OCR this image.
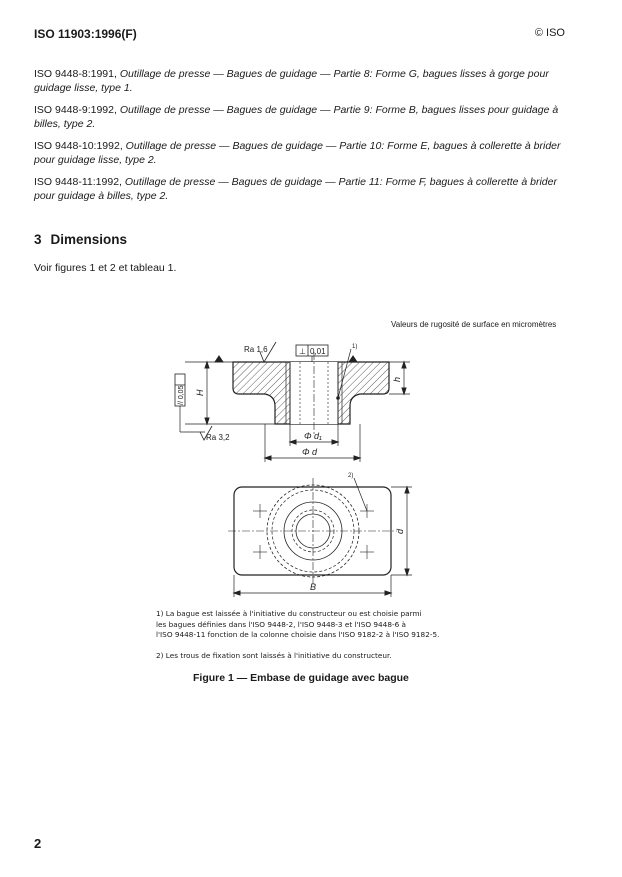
ISO 11903:1996(F)	© ISO
ISO 9448-8:1991, Outillage de presse — Bagues de guidage — Partie 8: Forme G, bagues lisses à gorge pour guidage lisse, type 1.
ISO 9448-9:1992, Outillage de presse — Bagues de guidage — Partie 9: Forme B, bagues lisses pour guidage à billes, type 2.
ISO 9448-10:1992, Outillage de presse — Bagues de guidage — Partie 10: Forme E, bagues à collerette à brider pour guidage lisse, type 2.
ISO 9448-11:1992, Outillage de presse — Bagues de guidage — Partie 11: Forme F, bagues à collerette à brider pour guidage à billes, type 2.
3 Dimensions
Voir figures 1 et 2 et tableau 1.
Valeurs de rugosité de surface en micromètres
Ra 1,6	⊥ 0,01	1)
H
h
// 0,05
Ra 3,2	Φ d₁
Φ d
2)
B
d
1) La bague est laissée à l'initiative du constructeur ou est choisie parmi
les bagues définies dans l'ISO 9448-2, l'ISO 9448-3 et l'ISO 9448-6 à
l'ISO 9448-11 fonction de la colonne choisie dans l'ISO 9182-2 à l'ISO 9182-5.
2) Les trous de fixation sont laissés à l'initiative du constructeur.
Figure 1 — Embase de guidage avec bague
2
